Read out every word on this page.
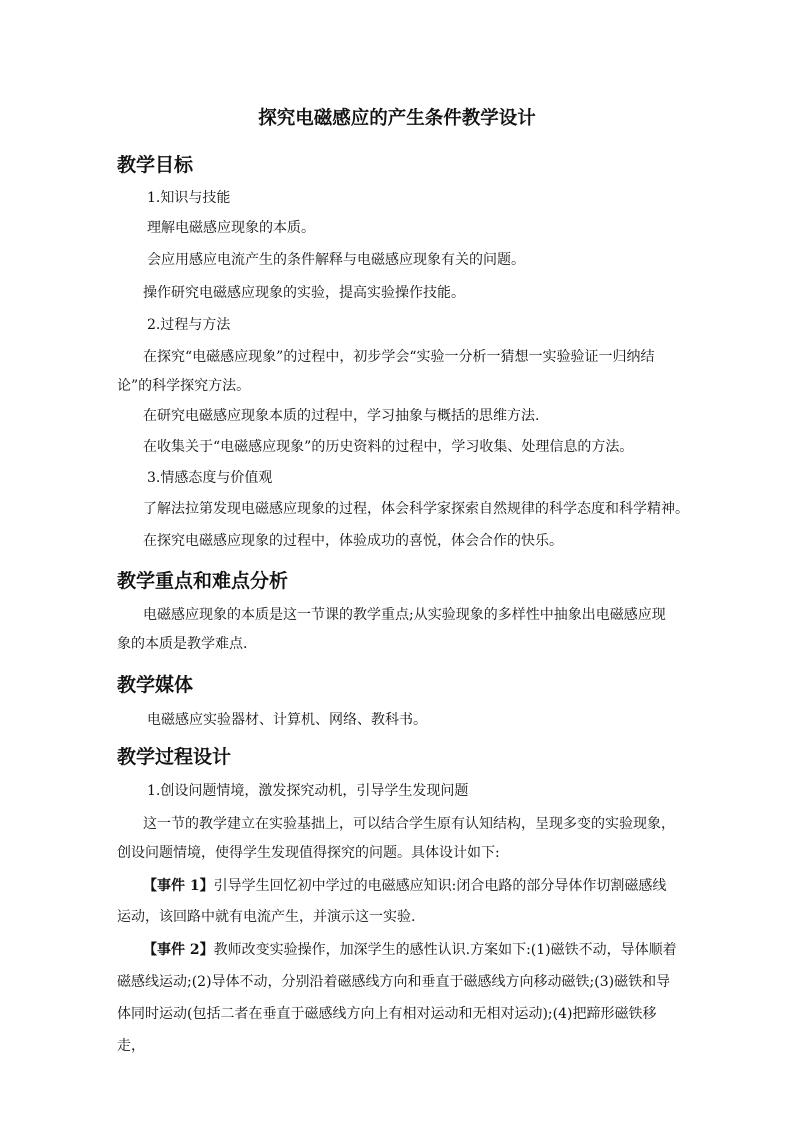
探究电磁感应的产生条件教学设计
教学目标

1.知识与技能

理解电磁感应现象的本质。

会应用感应电流产生的条件解释与电磁感应现象有关的问题。

操作研究电磁感应现象的实验，提高实验操作技能。

2.过程与方法

在探究“电磁感应现象”的过程中，初步学会“实验一分析一猜想一实验验证一归纳结论”的科学探究方法。

在研究电磁感应现象本质的过程中，学习抽象与概括的思维方法.

在收集关于“电磁感应现象”的历史资料的过程中，学习收集、处理信息的方法。

3.情感态度与价值观

了解法拉第发现电磁感应现象的过程，体会科学家探索自然规律的科学态度和科学精神。

在探究电磁感应现象的过程中，体验成功的喜悦，体会合作的快乐。

教学重点和难点分析

电磁感应现象的本质是这一节课的教学重点;从实验现象的多样性中抽象出电磁感应现象的本质是教学难点.

教学媒体

电磁感应实验器材、计算机、网络、教科书。

教学过程设计

1.创设问题情境，激发探究动机，引导学生发现问题

这一节的教学建立在实验基拙上，可以结合学生原有认知结构，呈现多变的实验现象，创设问题情境，使得学生发现值得探究的问题。具体设计如下:

【事件 1】引导学生回忆初中学过的电磁感应知识:闭合电路的部分导体作切割磁感线运动，该回路中就有电流产生，并演示这一实验.

【事件 2】教师改变实验操作，加深学生的感性认识.方案如下:(1)磁铁不动，导体顺着磁感线运动;(2)导体不动，分别沿着磁感线方向和垂直于磁感线方向移动磁铁;(3)磁铁和导体同时运动(包括二者在垂直于磁感线方向上有相对运动和无相对运动);(4)把蹄形磁铁移走，
